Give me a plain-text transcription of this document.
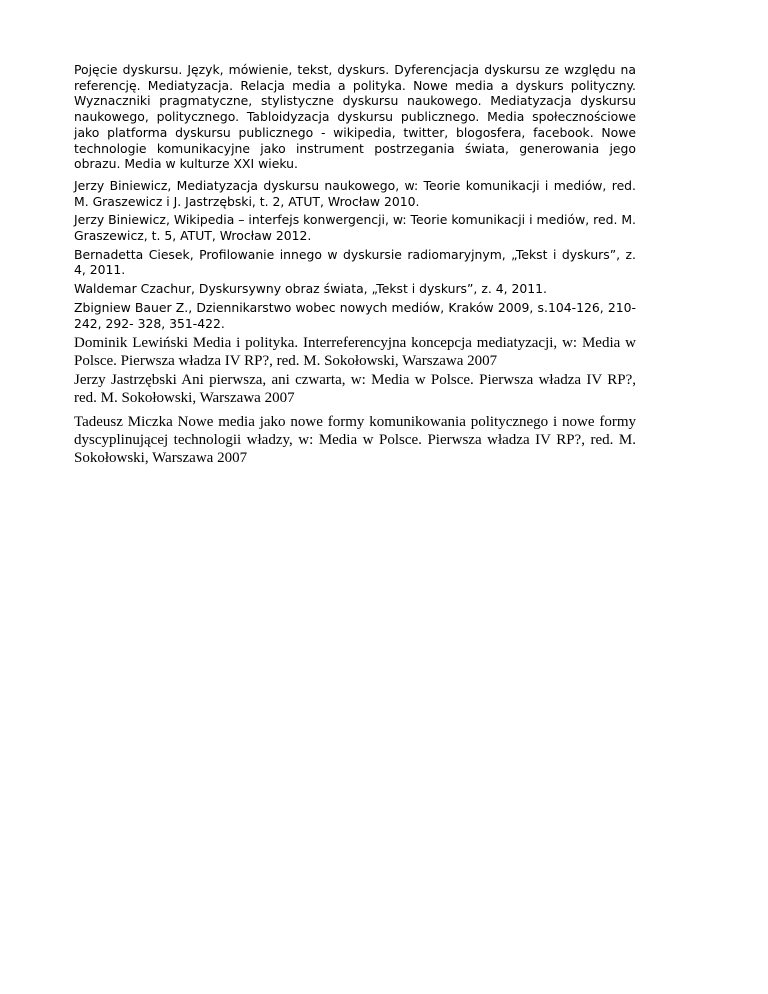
Pojęcie dyskursu. Język, mówienie, tekst, dyskurs. Dyferencjacja dyskursu ze względu na referencję. Mediatyzacja. Relacja media a polityka. Nowe media a dyskurs polityczny. Wyznaczniki pragmatyczne, stylistyczne dyskursu naukowego. Mediatyzacja dyskursu naukowego, politycznego. Tabloidyzacja dyskursu publicznego. Media społecznościowe jako platforma dyskursu publicznego - wikipedia, twitter, blogosfera, facebook. Nowe technologie komunikacyjne jako instrument postrzegania świata, generowania jego obrazu. Media w kulturze XXI wieku.

Jerzy Biniewicz, Mediatyzacja dyskursu naukowego, w: Teorie komunikacji i mediów, red. M. Graszewicz i J. Jastrzębski, t. 2, ATUT, Wrocław 2010.

Jerzy Biniewicz, Wikipedia – interfejs konwergencji, w: Teorie komunikacji i mediów, red. M. Graszewicz, t. 5, ATUT, Wrocław 2012.

Bernadetta Ciesek, Profilowanie innego w dyskursie radiomaryjnym, „Tekst i dyskurs”, z. 4, 2011.

Waldemar Czachur, Dyskursywny obraz świata, „Tekst i dyskurs”, z. 4, 2011.

Zbigniew Bauer Z., Dziennikarstwo wobec nowych mediów, Kraków 2009, s.104-126, 210-242, 292- 328, 351-422.

Dominik Lewiński Media i polityka. Interreferencyjna koncepcja mediatyzacji, w: Media w Polsce. Pierwsza władza IV RP?, red. M. Sokołowski, Warszawa 2007

Jerzy Jastrzębski Ani pierwsza, ani czwarta, w: Media w Polsce. Pierwsza władza IV RP?, red. M. Sokołowski, Warszawa 2007

Tadeusz Miczka Nowe media jako nowe formy komunikowania politycznego i nowe formy dyscyplinującej technologii władzy, w: Media w Polsce. Pierwsza władza IV RP?, red. M. Sokołowski, Warszawa 2007
